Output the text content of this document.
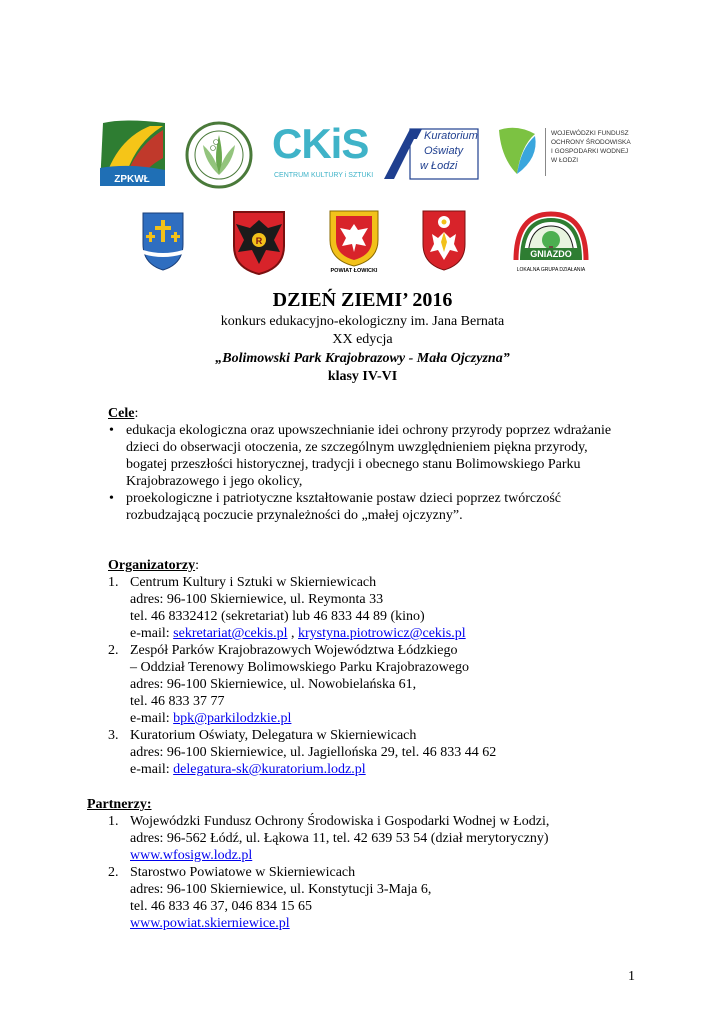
ZPKWŁ
CKiS
CENTRUM KULTURY i SZTUKI
Kuratorium
Oświaty
w Łodzi
WOJEWÓDZKI FUNDUSZ
OCHRONY ŚRODOWISKA
I GOSPODARKI WODNEJ
W ŁODZI
R
POWIAT ŁOWICKI
GNIAZDO
LOKALNA GRUPA DZIAŁANIA
DZIEŃ ZIEMI’ 2016
konkurs edukacyjno-ekologiczny im. Jana Bernata
XX edycja
„Bolimowski Park Krajobrazowy - Mała Ojczyzna”
klasy IV-VI
Cele:
• edukacja ekologiczna oraz upowszechnianie idei ochrony przyrody poprzez wdrażanie
dzieci do obserwacji otoczenia, ze szczególnym uwzględnieniem piękna przyrody,
bogatej przeszłości historycznej, tradycji i obecnego stanu Bolimowskiego Parku
Krajobrazowego i jego okolicy,
• proekologiczne i patriotyczne kształtowanie postaw dzieci poprzez twórczość
rozbudzającą poczucie przynależności do „małej ojczyzny”.
Organizatorzy:
1. Centrum Kultury i Sztuki w Skierniewicach
adres: 96-100 Skierniewice, ul. Reymonta 33
tel. 46 8332412 (sekretariat) lub 46 833 44 89 (kino)
e-mail: sekretariat@cekis.pl , krystyna.piotrowicz@cekis.pl
2. Zespół Parków Krajobrazowych Województwa Łódzkiego
– Oddział Terenowy Bolimowskiego Parku Krajobrazowego
adres: 96-100 Skierniewice, ul. Nowobielańska 61,
tel. 46 833 37 77
e-mail: bpk@parkilodzkie.pl
3. Kuratorium Oświaty, Delegatura w Skierniewicach
adres: 96-100 Skierniewice, ul. Jagiellońska 29, tel. 46 833 44 62
e-mail: delegatura-sk@kuratorium.lodz.pl
Partnerzy:
1. Wojewódzki Fundusz Ochrony Środowiska i Gospodarki Wodnej w Łodzi,
adres: 96-562 Łódź, ul. Łąkowa 11, tel. 42 639 53 54 (dział merytoryczny)
www.wfosigw.lodz.pl
2. Starostwo Powiatowe w Skierniewicach
adres: 96-100 Skierniewice, ul. Konstytucji 3-Maja 6,
tel. 46 833 46 37, 046 834 15 65
www.powiat.skierniewice.pl
1
